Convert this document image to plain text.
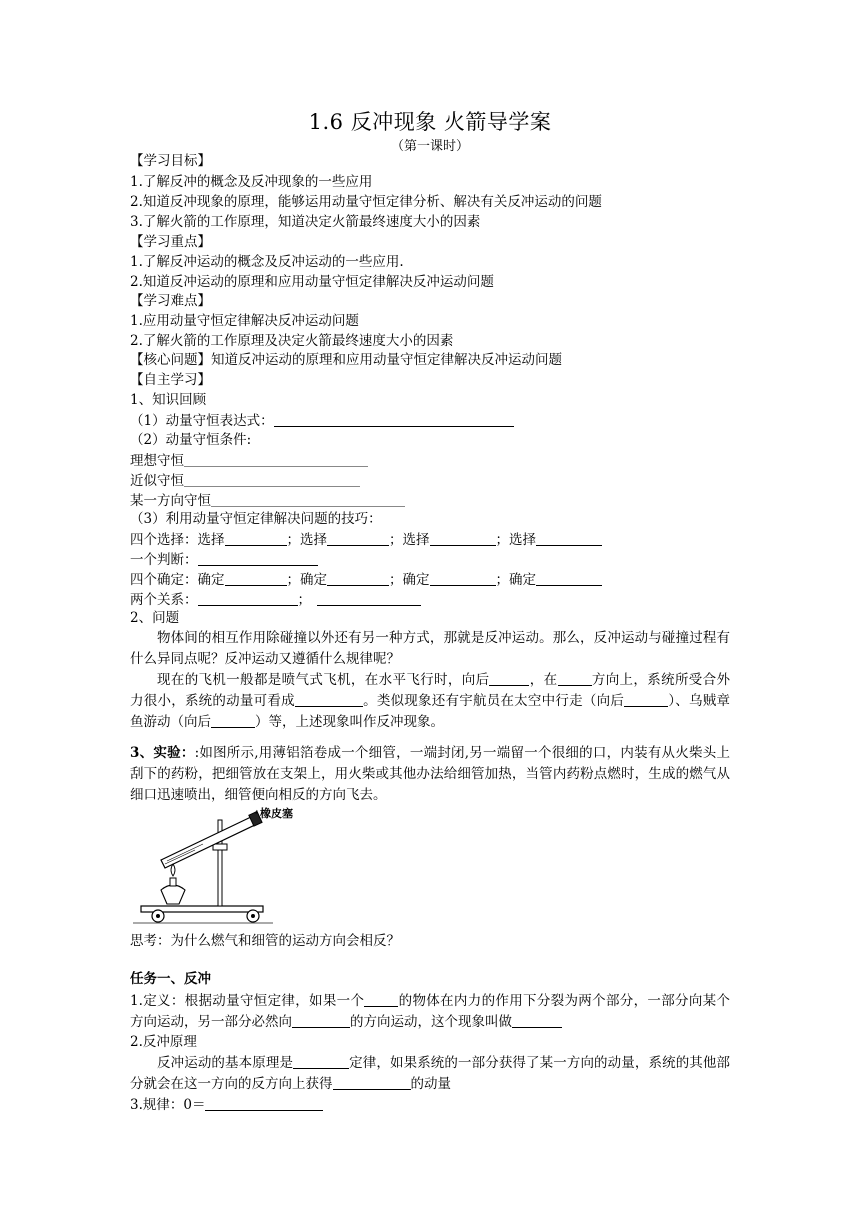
1.6 反冲现象 火箭导学案
（第一课时）
【学习目标】
1.了解反冲的概念及反冲现象的一些应用
2.知道反冲现象的原理，能够运用动量守恒定律分析、解决有关反冲运动的问题
3.了解火箭的工作原理，知道决定火箭最终速度大小的因素
【学习重点】
1.了解反冲运动的概念及反冲运动的一些应用.
2.知道反冲运动的原理和应用动量守恒定律解决反冲运动问题
【学习难点】
1.应用动量守恒定律解决反冲运动问题
2.了解火箭的工作原理及决定火箭最终速度大小的因素
【核心问题】知道反冲运动的原理和应用动量守恒定律解决反冲运动问题
【自主学习】
1、知识回顾
（1）动量守恒表达式：
（2）动量守恒条件:
理想守恒
近似守恒
某一方向守恒
（3）利用动量守恒定律解决问题的技巧：
四个选择：选择	；选择	；选择	；选择
一个判断：
四个确定：确定	；确定	；确定	；确定
两个关系：	；
2、问题
物体间的相互作用除碰撞以外还有另一种方式，那就是反冲运动。那么，反冲运动与碰撞过程有什么异同点呢？反冲运动又遵循什么规律呢？
现在的飞机一般都是喷气式飞机，在水平飞行时，向后	，在	方向上，系统所受合外力很小，系统的动量可看成	。类似现象还有宇航员在太空中行走（向后	）、乌贼章鱼游动（向后	）等，上述现象叫作反冲现象。
3、实验：:如图所示,用薄铝箔卷成一个细管，一端封闭,另一端留一个很细的口，内装有从火柴头上刮下的药粉，把细管放在支架上，用火柴或其他办法给细管加热，当管内药粉点燃时，生成的燃气从细口迅速喷出，细管便向相反的方向飞去。
橡皮塞
思考：为什么燃气和细管的运动方向会相反？
任务一、反冲
1.定义：根据动量守恒定律，如果一个	的物体在内力的作用下分裂为两个部分，一部分向某个方向运动，另一部分必然向	的方向运动，这个现象叫做
2.反冲原理
反冲运动的基本原理是	定律，如果系统的一部分获得了某一方向的动量，系统的其他部分就会在这一方向的反方向上获得	的动量
3.规律：0＝
